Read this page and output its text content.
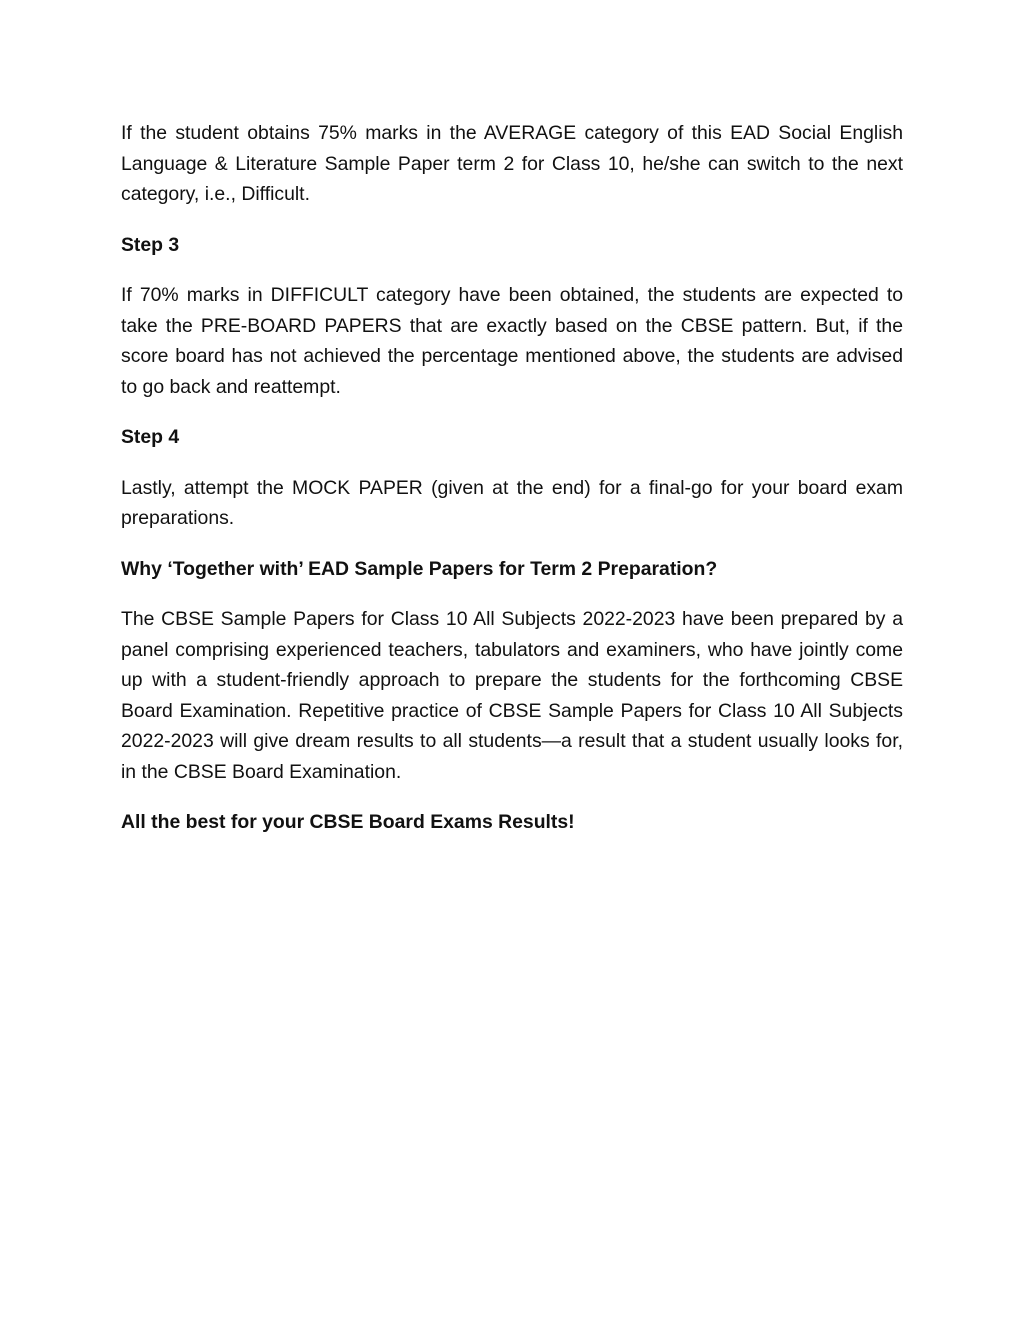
If the student obtains 75% marks in the AVERAGE category of this EAD Social English Language & Literature Sample Paper term 2 for Class 10, he/she can switch to the next category, i.e., Difficult.

Step 3

If 70% marks in DIFFICULT category have been obtained, the students are expected to take the PRE-BOARD PAPERS that are exactly based on the CBSE pattern. But, if the score board has not achieved the percentage mentioned above, the students are advised to go back and reattempt.

Step 4

Lastly, attempt the MOCK PAPER (given at the end) for a final-go for your board exam preparations.

Why ‘Together with’ EAD Sample Papers for Term 2 Preparation?

The CBSE Sample Papers for Class 10 All Subjects 2022-2023 have been prepared by a panel comprising experienced teachers, tabulators and examiners, who have jointly come up with a student-friendly approach to prepare the students for the forthcoming CBSE Board Examination. Repetitive practice of CBSE Sample Papers for Class 10 All Subjects 2022-2023 will give dream results to all students—a result that a student usually looks for, in the CBSE Board Examination.

All the best for your CBSE Board Exams Results!
